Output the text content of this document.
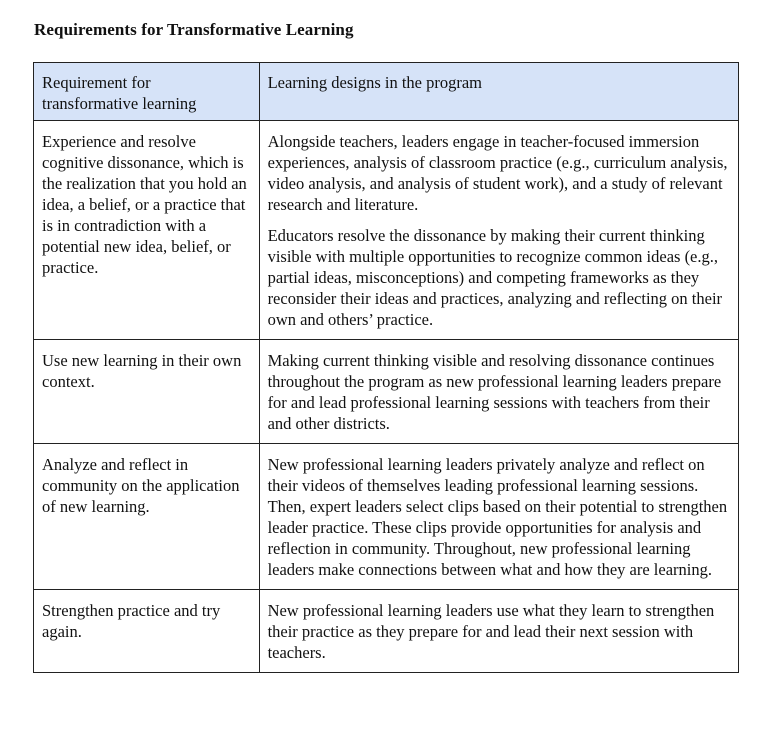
Requirements for Transformative Learning
Requirement for transformative learning	Learning designs in the program
Experience and resolve cognitive dissonance, which is the realization that you hold an idea, a belief, or a practice that is in contradiction with a potential new idea, belief, or practice.	Alongside teachers, leaders engage in teacher-focused immersion experiences, analysis of classroom practice (e.g., curriculum analysis, video analysis, and analysis of student work), and a study of relevant research and literature.
Educators resolve the dissonance by making their current thinking visible with multiple opportunities to recognize common ideas (e.g., partial ideas, misconceptions) and competing frameworks as they reconsider their ideas and practices, analyzing and reflecting on their own and others’ practice.

Use new learning in their own context.	Making current thinking visible and resolving dissonance continues throughout the program as new professional learning leaders prepare for and lead professional learning sessions with teachers from their and other districts.

Analyze and reflect in community on the application of new learning.	New professional learning leaders privately analyze and reflect on their videos of themselves leading professional learning sessions. Then, expert leaders select clips based on their potential to strengthen leader practice. These clips provide opportunities for analysis and reflection in community. Throughout, new professional learning leaders make connections between what and how they are learning.

Strengthen practice and try again.	New professional learning leaders use what they learn to strengthen their practice as they prepare for and lead their next session with teachers.
